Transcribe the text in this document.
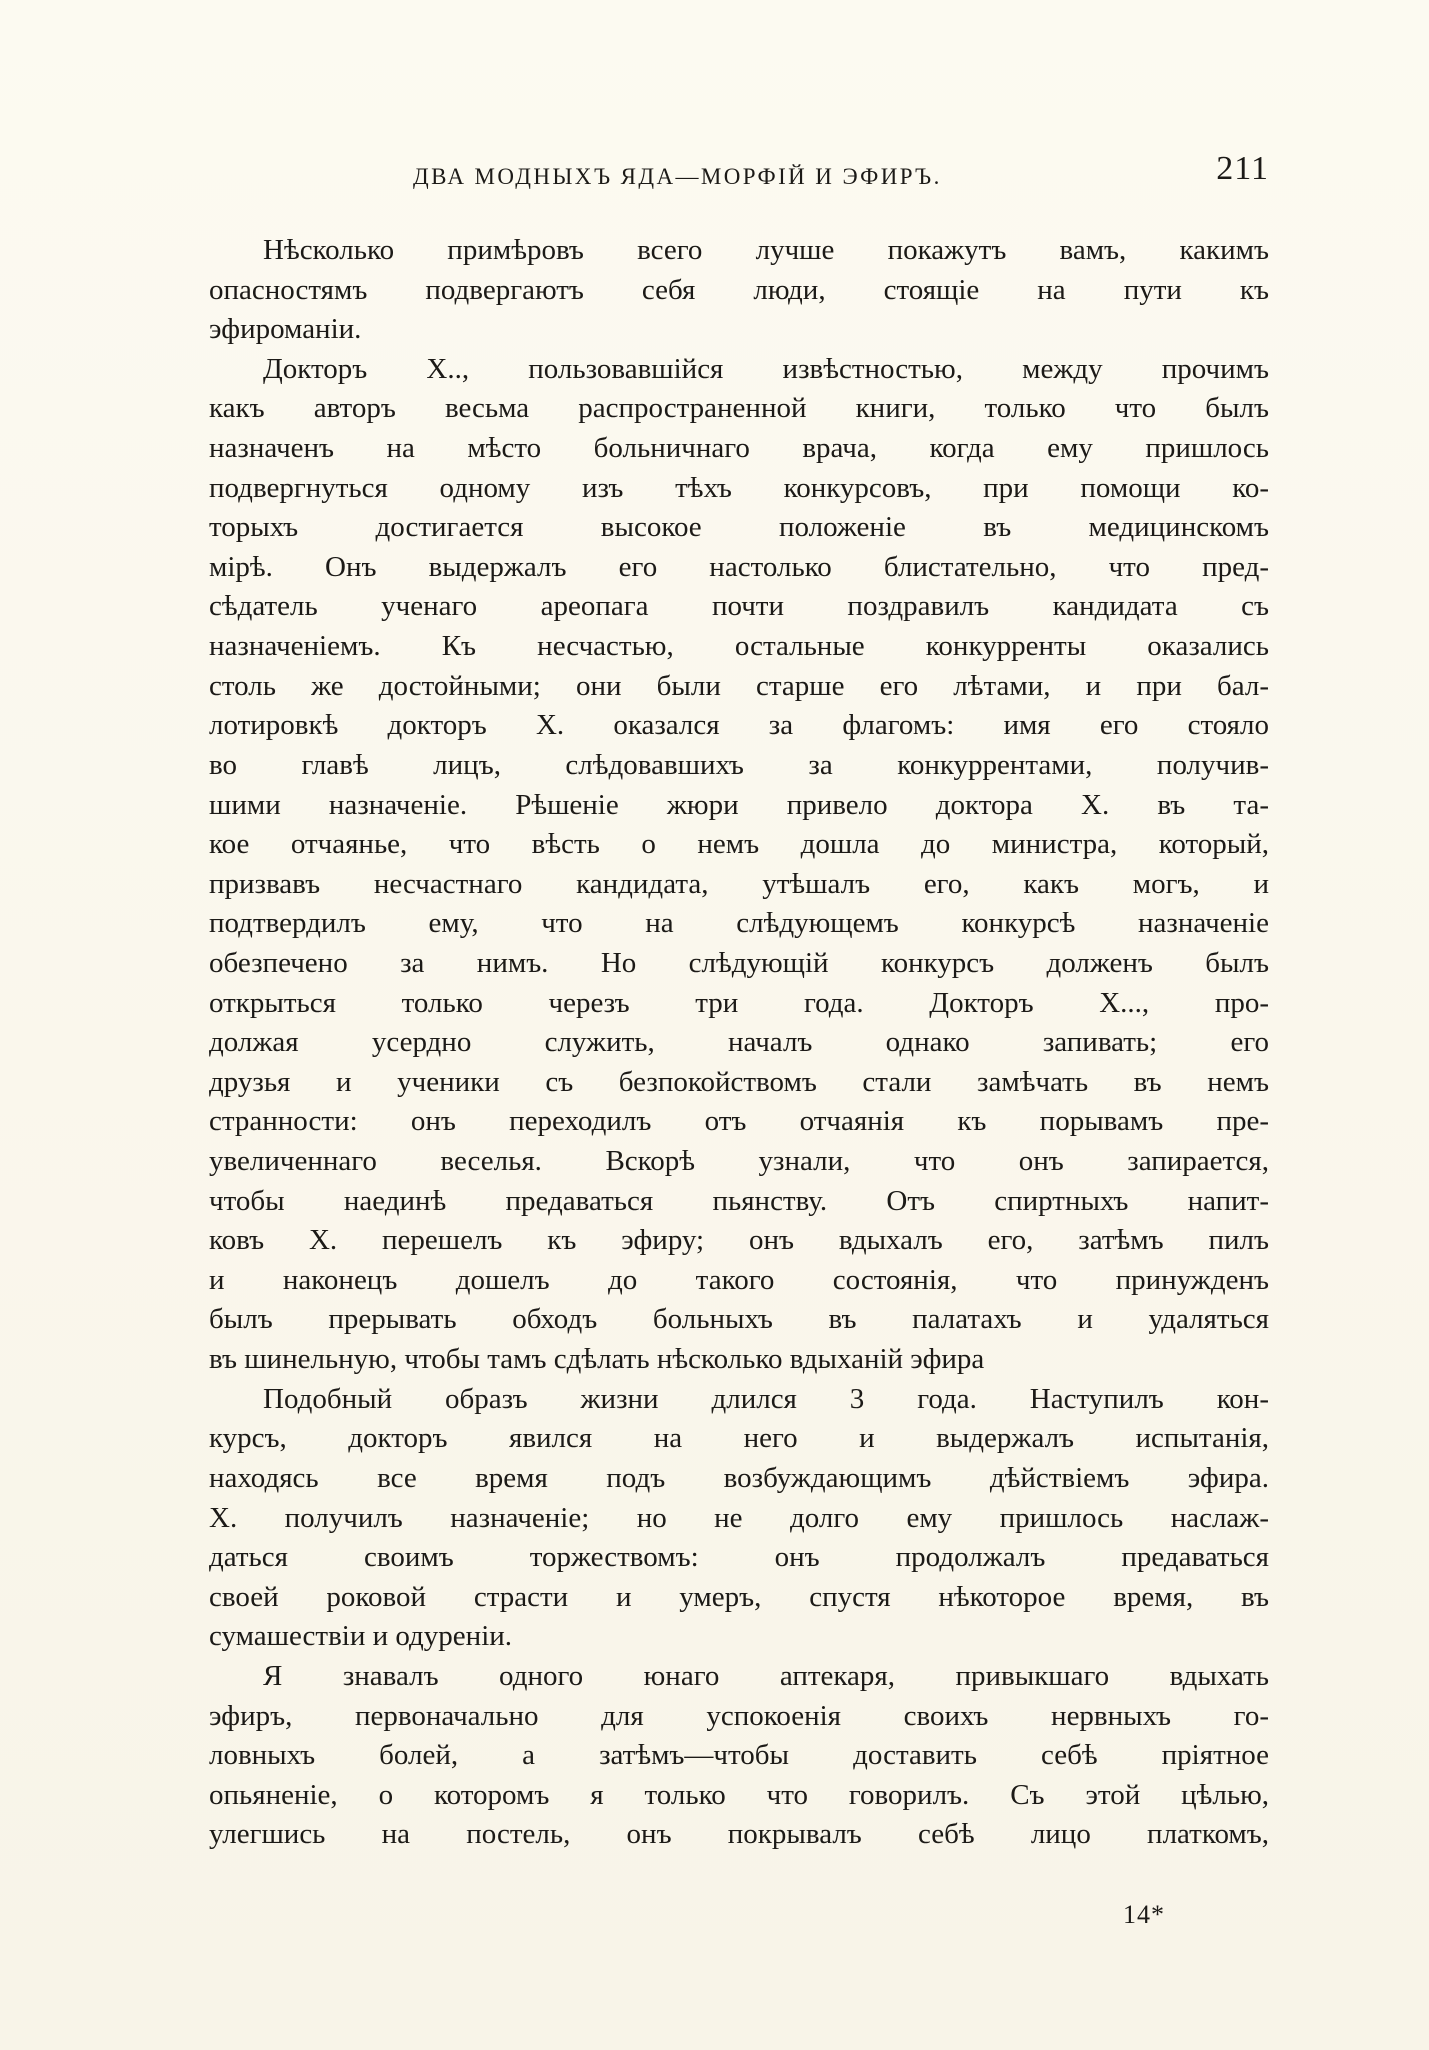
ДВА МОДНЫХЪ ЯДА—МОРФІЙ И ЭФИРЪ.	211
Нѣсколько примѣровъ всего лучше покажутъ вамъ, какимъ
опасностямъ подвергаютъ себя люди, стоящіе на пути къ
эфироманіи.
Докторъ X.., пользовавшійся извѣстностью, между прочимъ
какъ авторъ весьма распространенной книги, только что былъ
назначенъ на мѣсто больничнаго врача, когда ему пришлось
подвергнуться одному изъ тѣхъ конкурсовъ, при помощи ко-
торыхъ достигается высокое положеніе въ медицинскомъ
мірѣ. Онъ выдержалъ его настолько блистательно, что пред-
сѣдатель ученаго ареопага почти поздравилъ кандидата съ
назначеніемъ. Къ несчастью, остальные конкурренты оказались
столь же достойными; они были старше его лѣтами, и при бал-
лотировкѣ докторъ X. оказался за флагомъ: имя его стояло
во главѣ лицъ, слѣдовавшихъ за конкуррентами, получив-
шими назначеніе. Рѣшеніе жюри привело доктора X. въ та-
кое отчаянье, что вѣсть о немъ дошла до министра, который,
призвавъ несчастнаго кандидата, утѣшалъ его, какъ могъ, и
подтвердилъ ему, что на слѣдующемъ конкурсѣ назначеніе
обезпечено за нимъ. Но слѣдующій конкурсъ долженъ былъ
открыться только черезъ три года. Докторъ X..., про-
должая усердно служить, началъ однако запивать; его
друзья и ученики съ безпокойствомъ стали замѣчать въ немъ
странности: онъ переходилъ отъ отчаянія къ порывамъ пре-
увеличеннаго веселья. Вскорѣ узнали, что онъ запирается,
чтобы наединѣ предаваться пьянству. Отъ спиртныхъ напит-
ковъ X. перешелъ къ эфиру; онъ вдыхалъ его, затѣмъ пилъ
и наконецъ дошелъ до такого состоянія, что принужденъ
былъ прерывать обходъ больныхъ въ палатахъ и удаляться
въ шинельную, чтобы тамъ сдѣлать нѣсколько вдыханій эфира
Подобный образъ жизни длился 3 года. Наступилъ кон-
курсъ, докторъ явился на него и выдержалъ испытанія,
находясь все время подъ возбуждающимъ дѣйствіемъ эфира.
X. получилъ назначеніе; но не долго ему пришлось наслаж-
даться своимъ торжествомъ: онъ продолжалъ предаваться
своей роковой страсти и умеръ, спустя нѣкоторое время, въ
сумашествіи и одуреніи.
Я знавалъ одного юнаго аптекаря, привыкшаго вдыхать
эфиръ, первоначально для успокоенія своихъ нервныхъ го-
ловныхъ болей, а затѣмъ—чтобы доставить себѣ пріятное
опьяненіе, о которомъ я только что говорилъ. Съ этой цѣлью,
улегшись на постель, онъ покрывалъ себѣ лицо платкомъ,
14*
